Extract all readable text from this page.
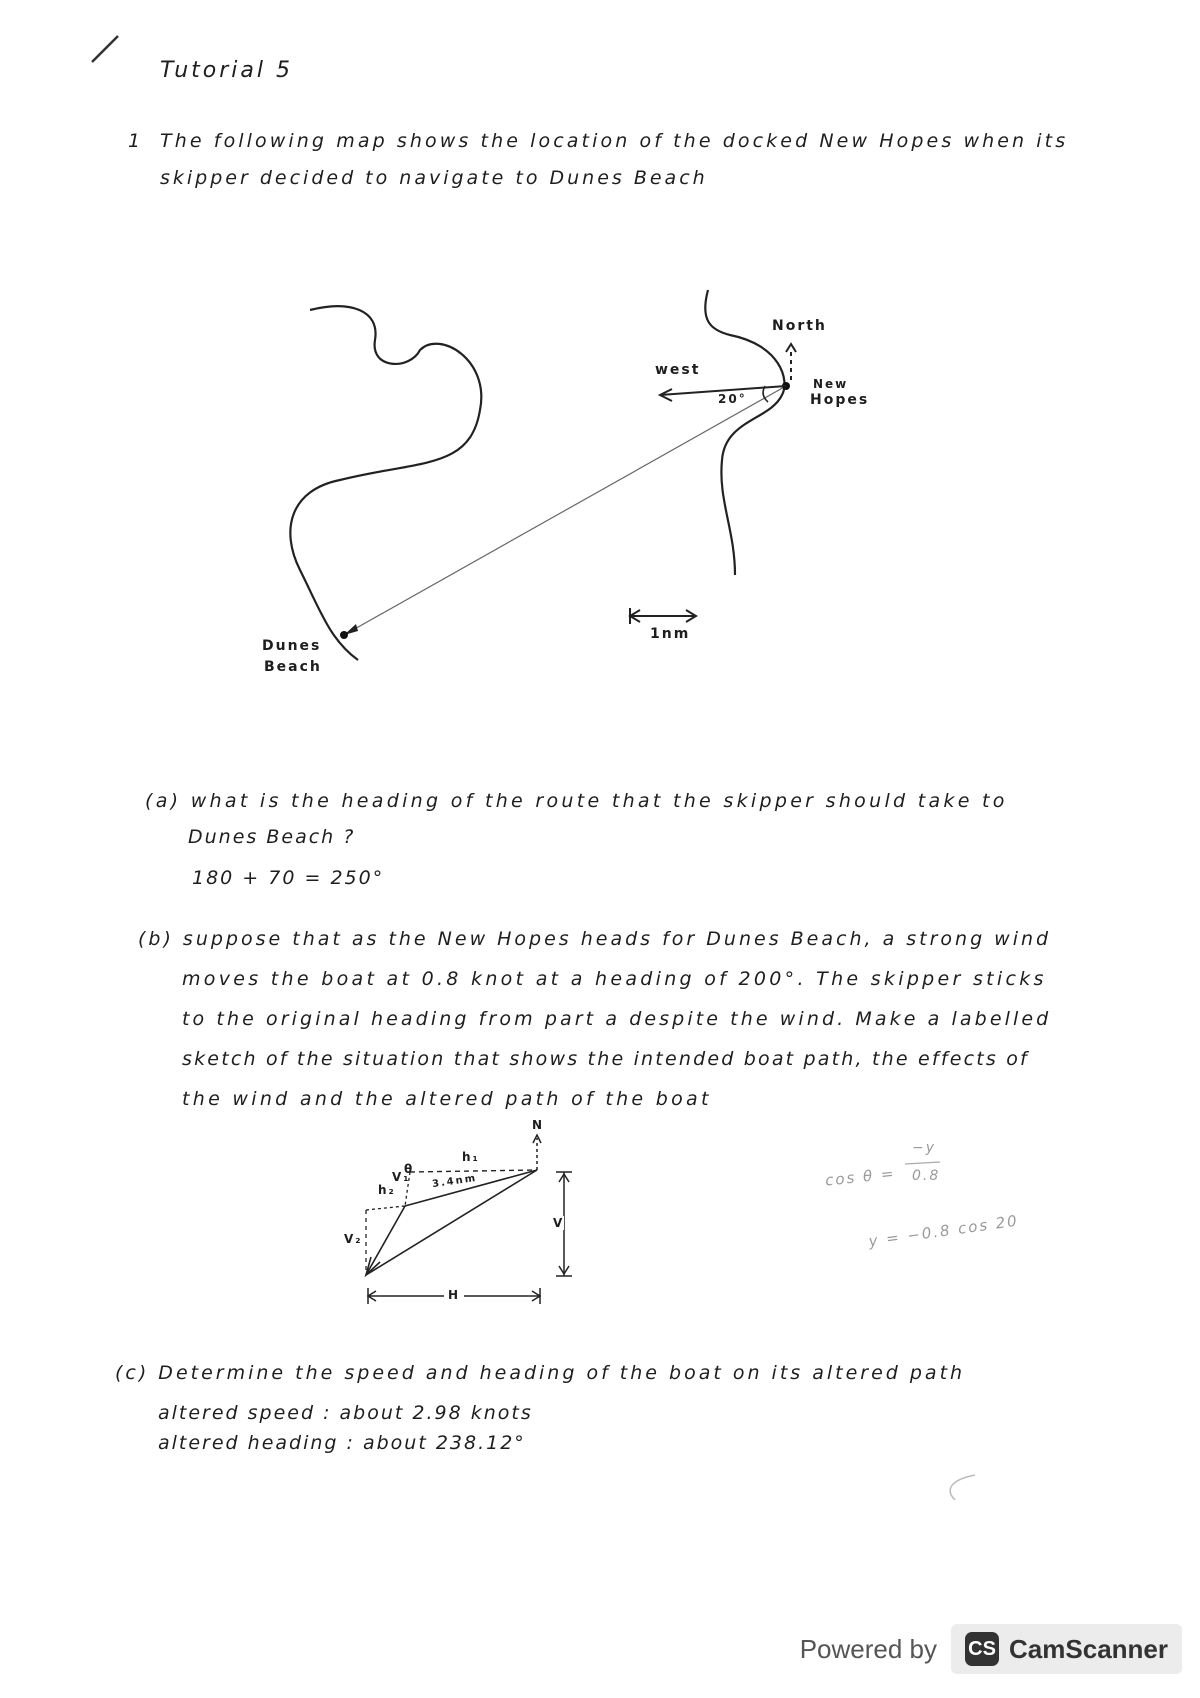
Tutorial 5
1 The following map shows the location of the docked New Hopes when its
skipper decided to navigate to Dunes Beach
North
west
20°
New
Hopes
Dunes
Beach
1nm
(a) what is the heading of the route that the skipper should take to
Dunes Beach ?
180 + 70 = 250°
(b) suppose that as the New Hopes heads for Dunes Beach, a strong wind
moves the boat at 0.8 knot at a heading of 200°. The skipper sticks
to the original heading from part a despite the wind. Make a labelled
sketch of the situation that shows the intended boat path, the effects of
the wind and the altered path of the boat
N
h₁
h₂
V₁
V₂
θ
3.4nm
V
H
cos θ =
−y
0.8
y = −0.8 cos 20
(c) Determine the speed and heading of the boat on its altered path
altered speed : about 2.98 knots
altered heading : about 238.12°
Powered by CS CamScanner
